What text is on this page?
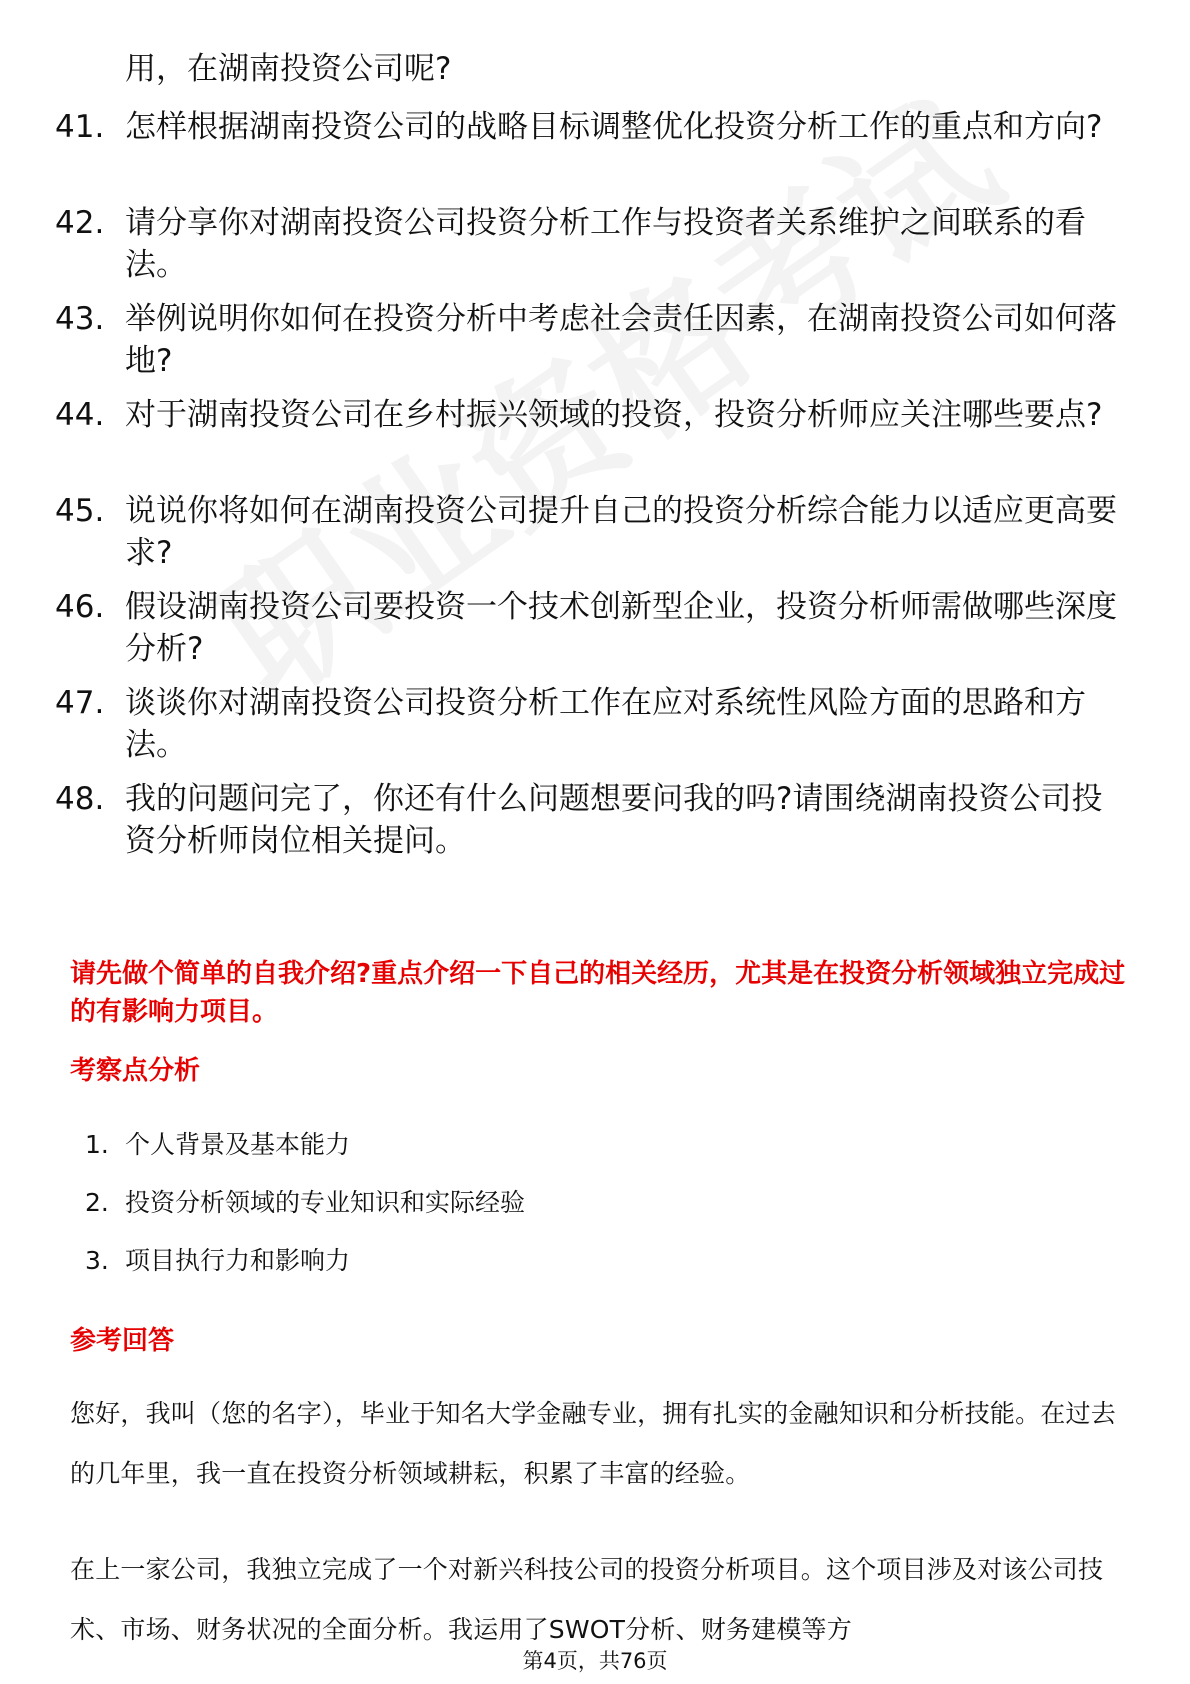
用，在湖南投资公司呢?
41. 怎样根据湖南投资公司的战略目标调整优化投资分析工作的重点和方向?
42. 请分享你对湖南投资公司投资分析工作与投资者关系维护之间联系的看法。
43. 举例说明你如何在投资分析中考虑社会责任因素，在湖南投资公司如何落地?
44. 对于湖南投资公司在乡村振兴领域的投资，投资分析师应关注哪些要点?
45. 说说你将如何在湖南投资公司提升自己的投资分析综合能力以适应更高要求?
46. 假设湖南投资公司要投资一个技术创新型企业，投资分析师需做哪些深度分析?
47. 谈谈你对湖南投资公司投资分析工作在应对系统性风险方面的思路和方法。
48. 我的问题问完了，你还有什么问题想要问我的吗?请围绕湖南投资公司投资分析师岗位相关提问。
请先做个简单的自我介绍?重点介绍一下自己的相关经历，尤其是在投资分析领域独立完成过的有影响力项目。
考察点分析
1. 个人背景及基本能力
2. 投资分析领域的专业知识和实际经验
3. 项目执行力和影响力
参考回答
您好，我叫（您的名字），毕业于知名大学金融专业，拥有扎实的金融知识和分析技能。在过去的几年里，我一直在投资分析领域耕耘，积累了丰富的经验。
在上一家公司，我独立完成了一个对新兴科技公司的投资分析项目。这个项目涉及对该公司技术、市场、财务状况的全面分析。我运用了SWOT分析、财务建模等方
第4页，共76页
